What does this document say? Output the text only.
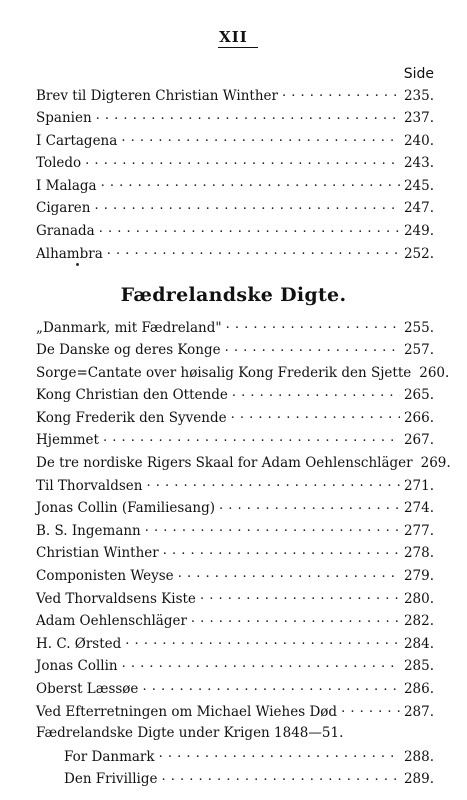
XII
Side
Brev til Digteren Christian Winther . . .	235.
Spanien . . .	237.
I Cartagena . . .	240.
Toledo . . .	243.
I Malaga . . .	245.
Cigaren . . .	247.
Granada . . .	249.
Alhambra . . .	252.
Fædrelandske Digte.
„Danmark, mit Fædreland" . . .	255.
De Danske og deres Konge . . .	257.
Sorge=Cantate over høisalig Kong Frederik den Sjette 260.
Kong Christian den Ottende . . .	265.
Kong Frederik den Syvende . . .	266.
Hjemmet . . .	267.
De tre nordiske Rigers Skaal for Adam Oehlenschläger 269.
Til Thorvaldsen . . .	271.
Jonas Collin (Familiesang) . . .	274.
B. S. Ingemann . . .	277.
Christian Winther . . .	278.
Componisten Weyse . . .	279.
Ved Thorvaldsens Kiste . . .	280.
Adam Oehlenschläger . . .	282.
H. C. Ørsted . . .	284.
Jonas Collin . . .	285.
Oberst Læssøe . . .	286.
Ved Efterretningen om Michael Wiehes Død . . .	287.
Fædrelandske Digte under Krigen 1848—51.
For Danmark . . .	288.
Den Frivillige . . .	289.
